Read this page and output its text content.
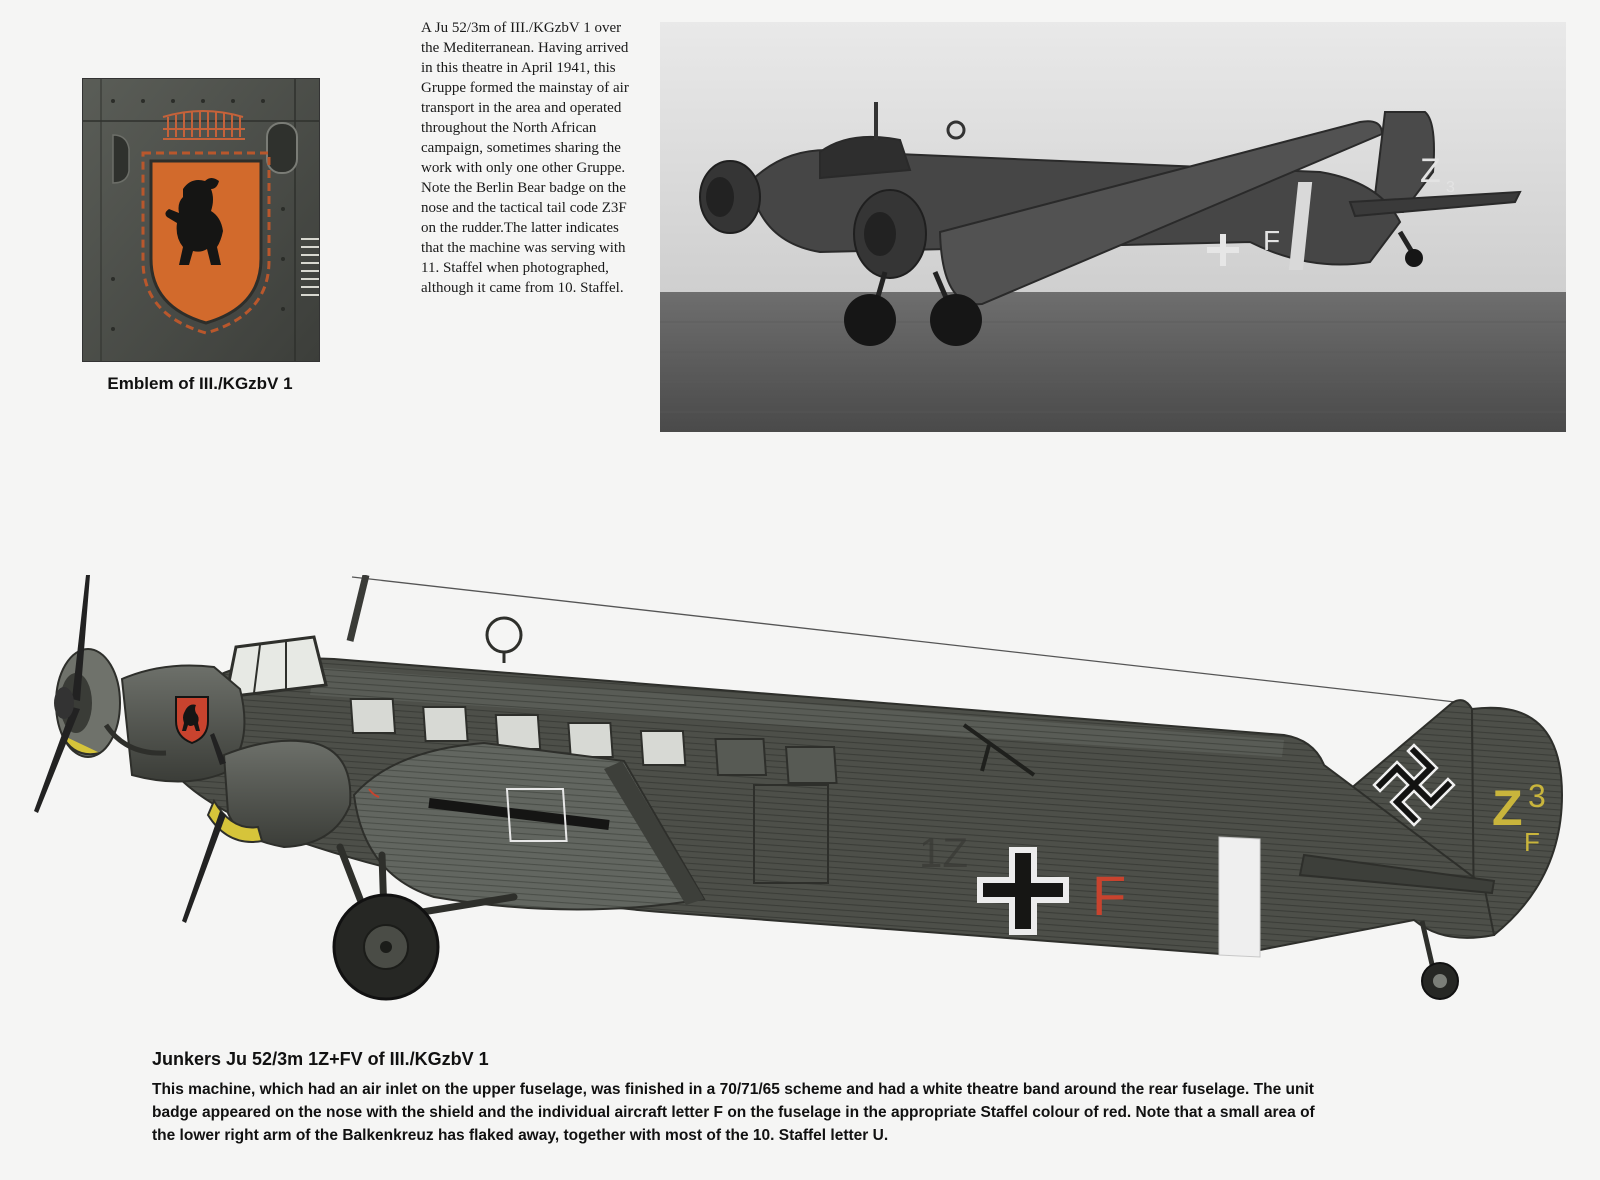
Emblem of III./KGzbV 1
A Ju 52/3m of III./KGzbV 1 over the Mediterranean. Having arrived in this theatre in April 1941, this Gruppe formed the mainstay of air transport in the area and operated throughout the North African campaign, sometimes sharing the work with only one other Gruppe. Note the Berlin Bear badge on the nose and the tactical tail code Z3F on the rudder.The latter indicates that the machine was serving with 11. Staffel when photographed, although it came from 10. Staffel.
Z 3
F
1Z
F
Z 3
F
Junkers Ju 52/3m 1Z+FV of III./KGzbV 1
This machine, which had an air inlet on the upper fuselage, was finished in a 70/71/65 scheme and had a white theatre band around the rear fuselage. The unit badge appeared on the nose with the shield and the individual aircraft letter F on the fuselage in the appropriate Staffel colour of red. Note that a small area of the lower right arm of the Balkenkreuz has flaked away, together with most of the 10. Staffel letter U.
